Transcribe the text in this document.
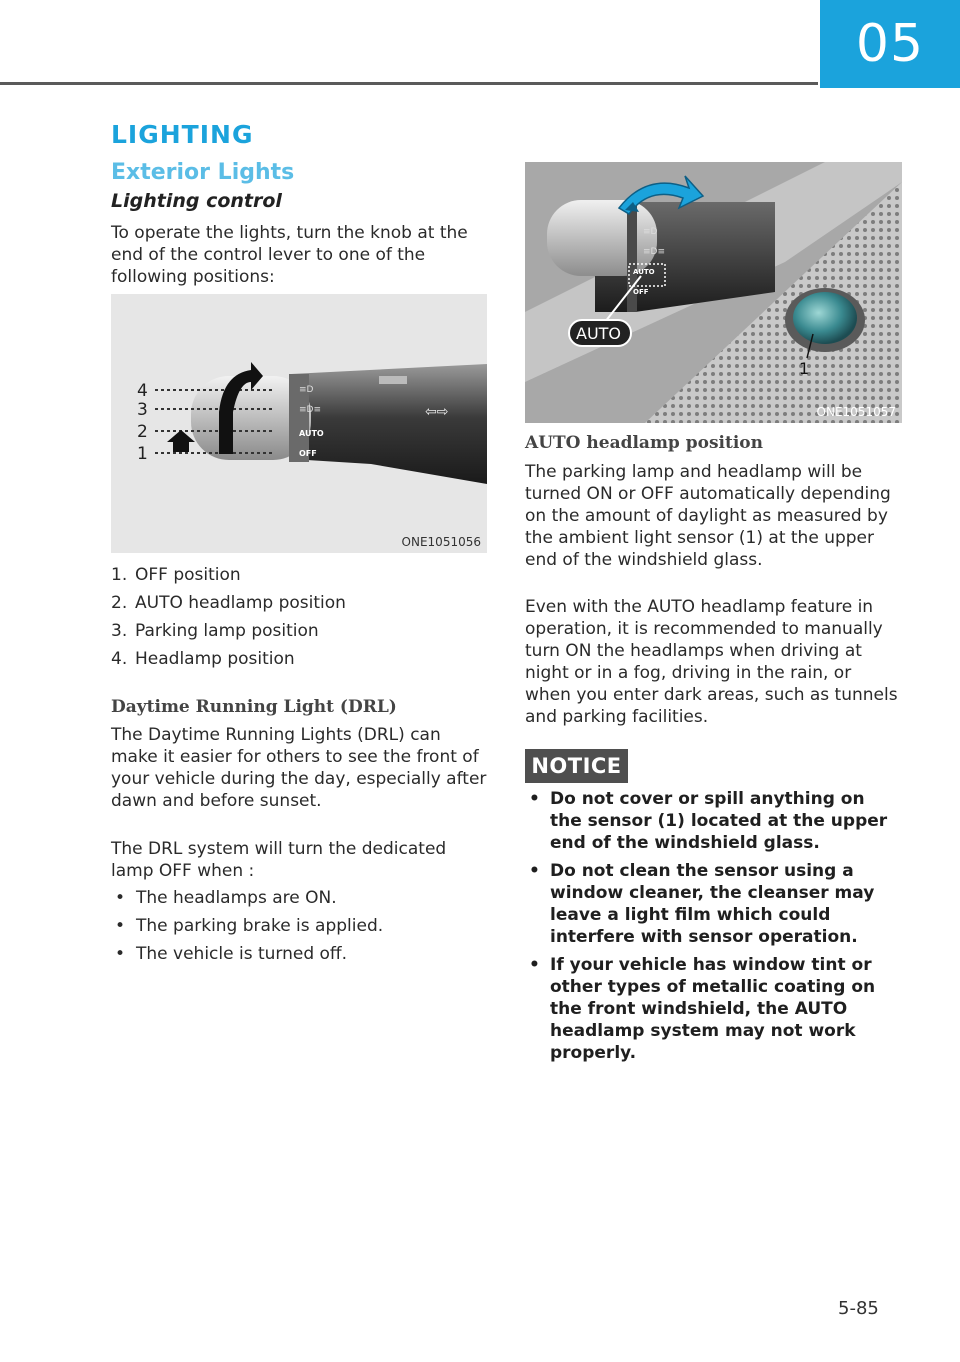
05
LIGHTING
Exterior Lights
Lighting control

To operate the lights, turn the knob at the end of the control lever to one of the following positions:

4
3
2
1
≡D
≡D≡
AUTO
OFF
⇦⇨
ONE1051056
1. OFF position
2. AUTO headlamp position
3. Parking lamp position
4. Headlamp position
Daytime Running Light (DRL)

The Daytime Running Lights (DRL) can make it easier for others to see the front of your vehicle during the day, especially after dawn and before sunset.

The DRL system will turn the dedicated lamp OFF when :

• The headlamps are ON.
• The parking brake is applied.
• The vehicle is turned off.
1
AUTO
OFF
≡D
≡D≡
AUTO
ONE1051057
AUTO headlamp position

The parking lamp and headlamp will be turned ON or OFF automatically depending on the amount of daylight as measured by the ambient light sensor (1) at the upper end of the windshield glass.

Even with the AUTO headlamp feature in operation, it is recommended to manually turn ON the headlamps when driving at night or in a fog, driving in the rain, or when you enter dark areas, such as tunnels and parking facilities.

NOTICE
• Do not cover or spill anything on the sensor (1) located at the upper end of the windshield glass.
• Do not clean the sensor using a window cleaner, the cleanser may leave a light film which could interfere with sensor operation.
• If your vehicle has window tint or other types of metallic coating on the front windshield, the AUTO headlamp system may not work properly.
5-85
